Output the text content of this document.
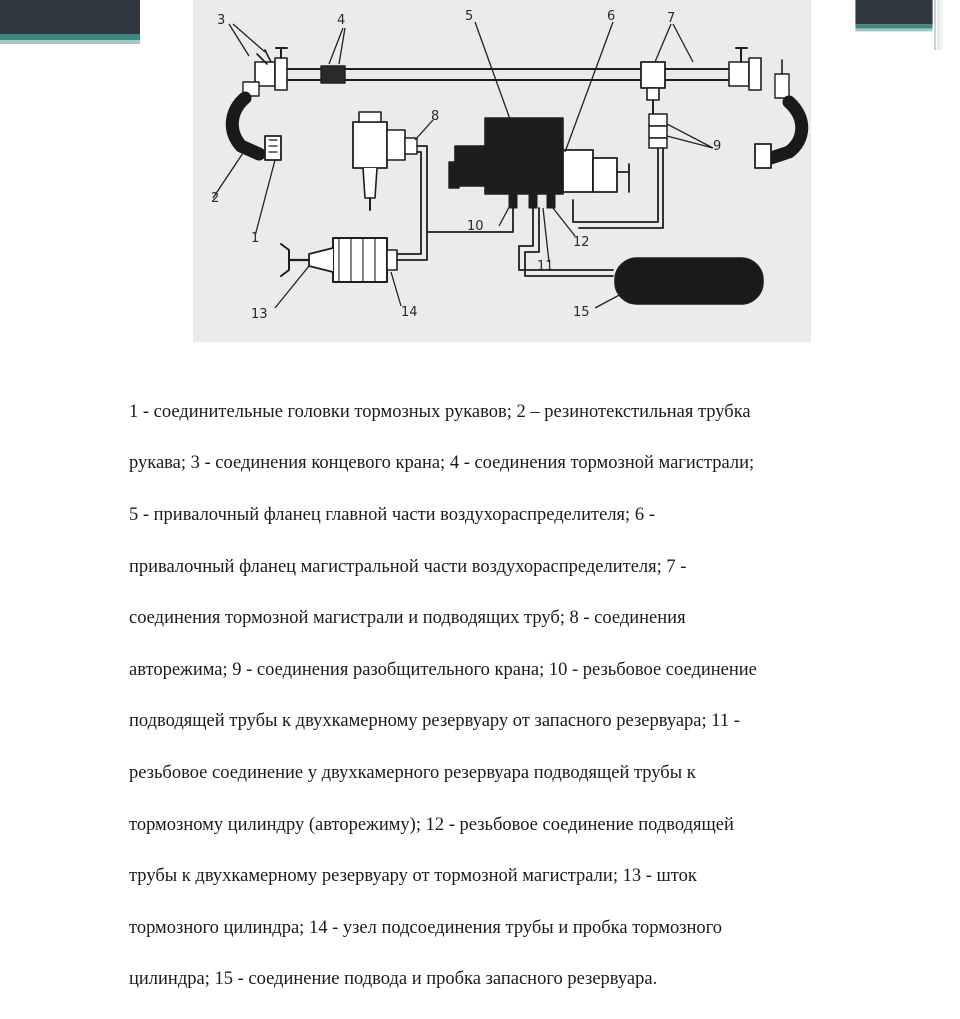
3	4	5	6	7
8
9
2
1
10
11
12
13	14	15

1 - соединительные головки тормозных рукавов; 2 – резинотекстильная трубка

рукава; 3 - соединения концевого крана; 4 - соединения тормозной магистрали;

5 - привалочный фланец главной части воздухораспределителя; 6 -

привалочный фланец магистральной части воздухораспределителя; 7 -

соединения тормозной магистрали и подводящих труб; 8 - соединения

авторежима; 9 - соединения разобщительного крана; 10 - резьбовое соединение

подводящей трубы к двухкамерному резервуару от запасного резервуара; 11 -

резьбовое соединение у двухкамерного резервуара подводящей трубы к

тормозному цилиндру (авторежиму); 12 - резьбовое соединение подводящей

трубы к двухкамерному резервуару от тормозной магистрали; 13 - шток

тормозного цилиндра; 14 - узел подсоединения трубы и пробка тормозного

цилиндра; 15 - соединение подвода и пробка запасного резервуара.
